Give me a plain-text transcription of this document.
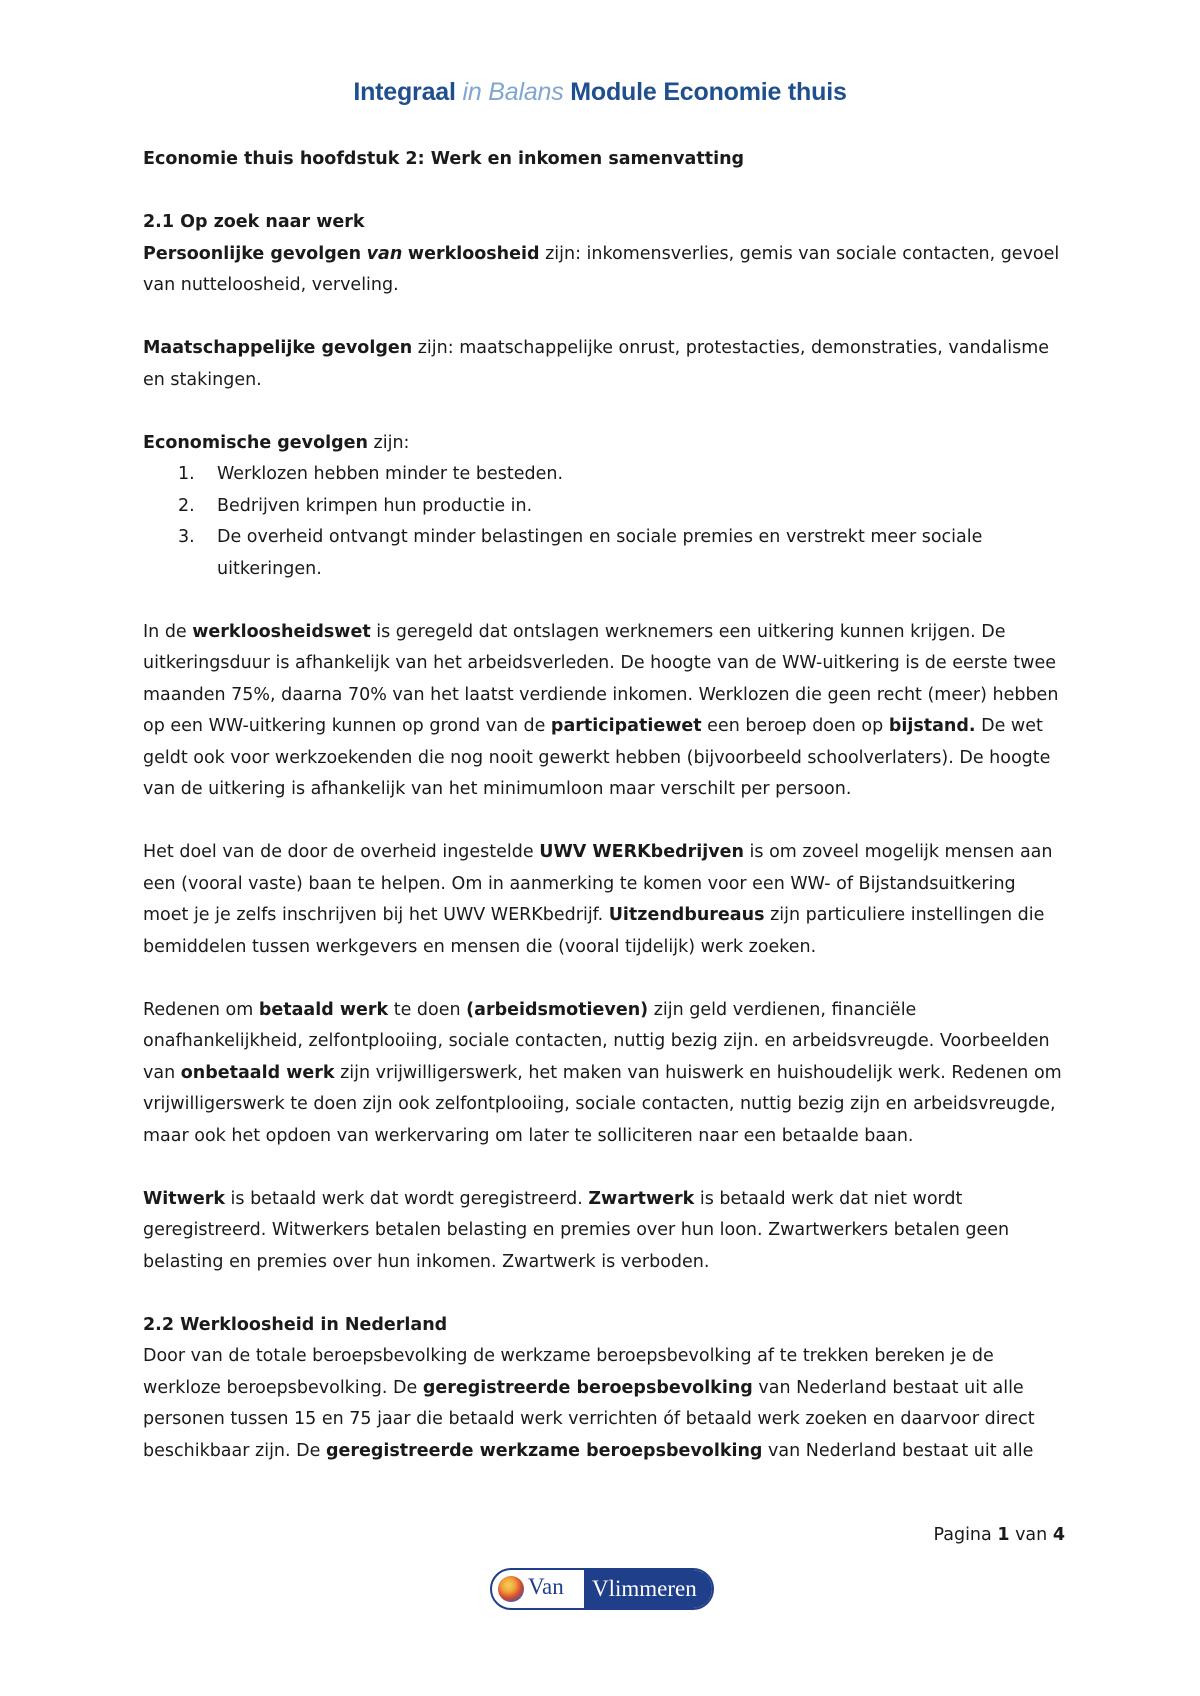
Integraal in Balans Module Economie thuis

Economie thuis hoofdstuk 2: Werk en inkomen samenvatting

2.1 Op zoek naar werk

Persoonlijke gevolgen van werkloosheid zijn: inkomensverlies, gemis van sociale contacten, gevoel van nutteloosheid, verveling.

Maatschappelijke gevolgen zijn: maatschappelijke onrust, protestacties, demonstraties, vandalisme en stakingen.

Economische gevolgen zijn:

1. Werklozen hebben minder te besteden.
2. Bedrijven krimpen hun productie in.
3. De overheid ontvangt minder belastingen en sociale premies en verstrekt meer sociale uitkeringen.

In de werkloosheidswet is geregeld dat ontslagen werknemers een uitkering kunnen krijgen. De uitkeringsduur is afhankelijk van het arbeidsverleden. De hoogte van de WW-uitkering is de eerste twee maanden 75%, daarna 70% van het laatst verdiende inkomen. Werklozen die geen recht (meer) hebben op een WW-uitkering kunnen op grond van de participatiewet een beroep doen op bijstand. De wet geldt ook voor werkzoekenden die nog nooit gewerkt hebben (bijvoorbeeld schoolverlaters). De hoogte van de uitkering is afhankelijk van het minimumloon maar verschilt per persoon.

Het doel van de door de overheid ingestelde UWV WERKbedrijven is om zoveel mogelijk mensen aan een (vooral vaste) baan te helpen. Om in aanmerking te komen voor een WW- of Bijstandsuitkering moet je je zelfs inschrijven bij het UWV WERKbedrijf. Uitzendbureaus zijn particuliere instellingen die bemiddelen tussen werkgevers en mensen die (vooral tijdelijk) werk zoeken.

Redenen om betaald werk te doen (arbeidsmotieven) zijn geld verdienen, financiële onafhankelijkheid, zelfontplooiing, sociale contacten, nuttig bezig zijn. en arbeidsvreugde. Voorbeelden van onbetaald werk zijn vrijwilligerswerk, het maken van huiswerk en huishoudelijk werk. Redenen om vrijwilligerswerk te doen zijn ook zelfontplooiing, sociale contacten, nuttig bezig zijn en arbeidsvreugde, maar ook het opdoen van werkervaring om later te solliciteren naar een betaalde baan.

Witwerk is betaald werk dat wordt geregistreerd. Zwartwerk is betaald werk dat niet wordt geregistreerd. Witwerkers betalen belasting en premies over hun loon. Zwartwerkers betalen geen belasting en premies over hun inkomen. Zwartwerk is verboden.

2.2 Werkloosheid in Nederland

Door van de totale beroepsbevolking de werkzame beroepsbevolking af te trekken bereken je de werkloze beroepsbevolking. De geregistreerde beroepsbevolking van Nederland bestaat uit alle personen tussen 15 en 75 jaar die betaald werk verrichten óf betaald werk zoeken en daarvoor direct beschikbaar zijn. De geregistreerde werkzame beroepsbevolking van Nederland bestaat uit alle

Pagina 1 van 4
Van	Vlimmeren
